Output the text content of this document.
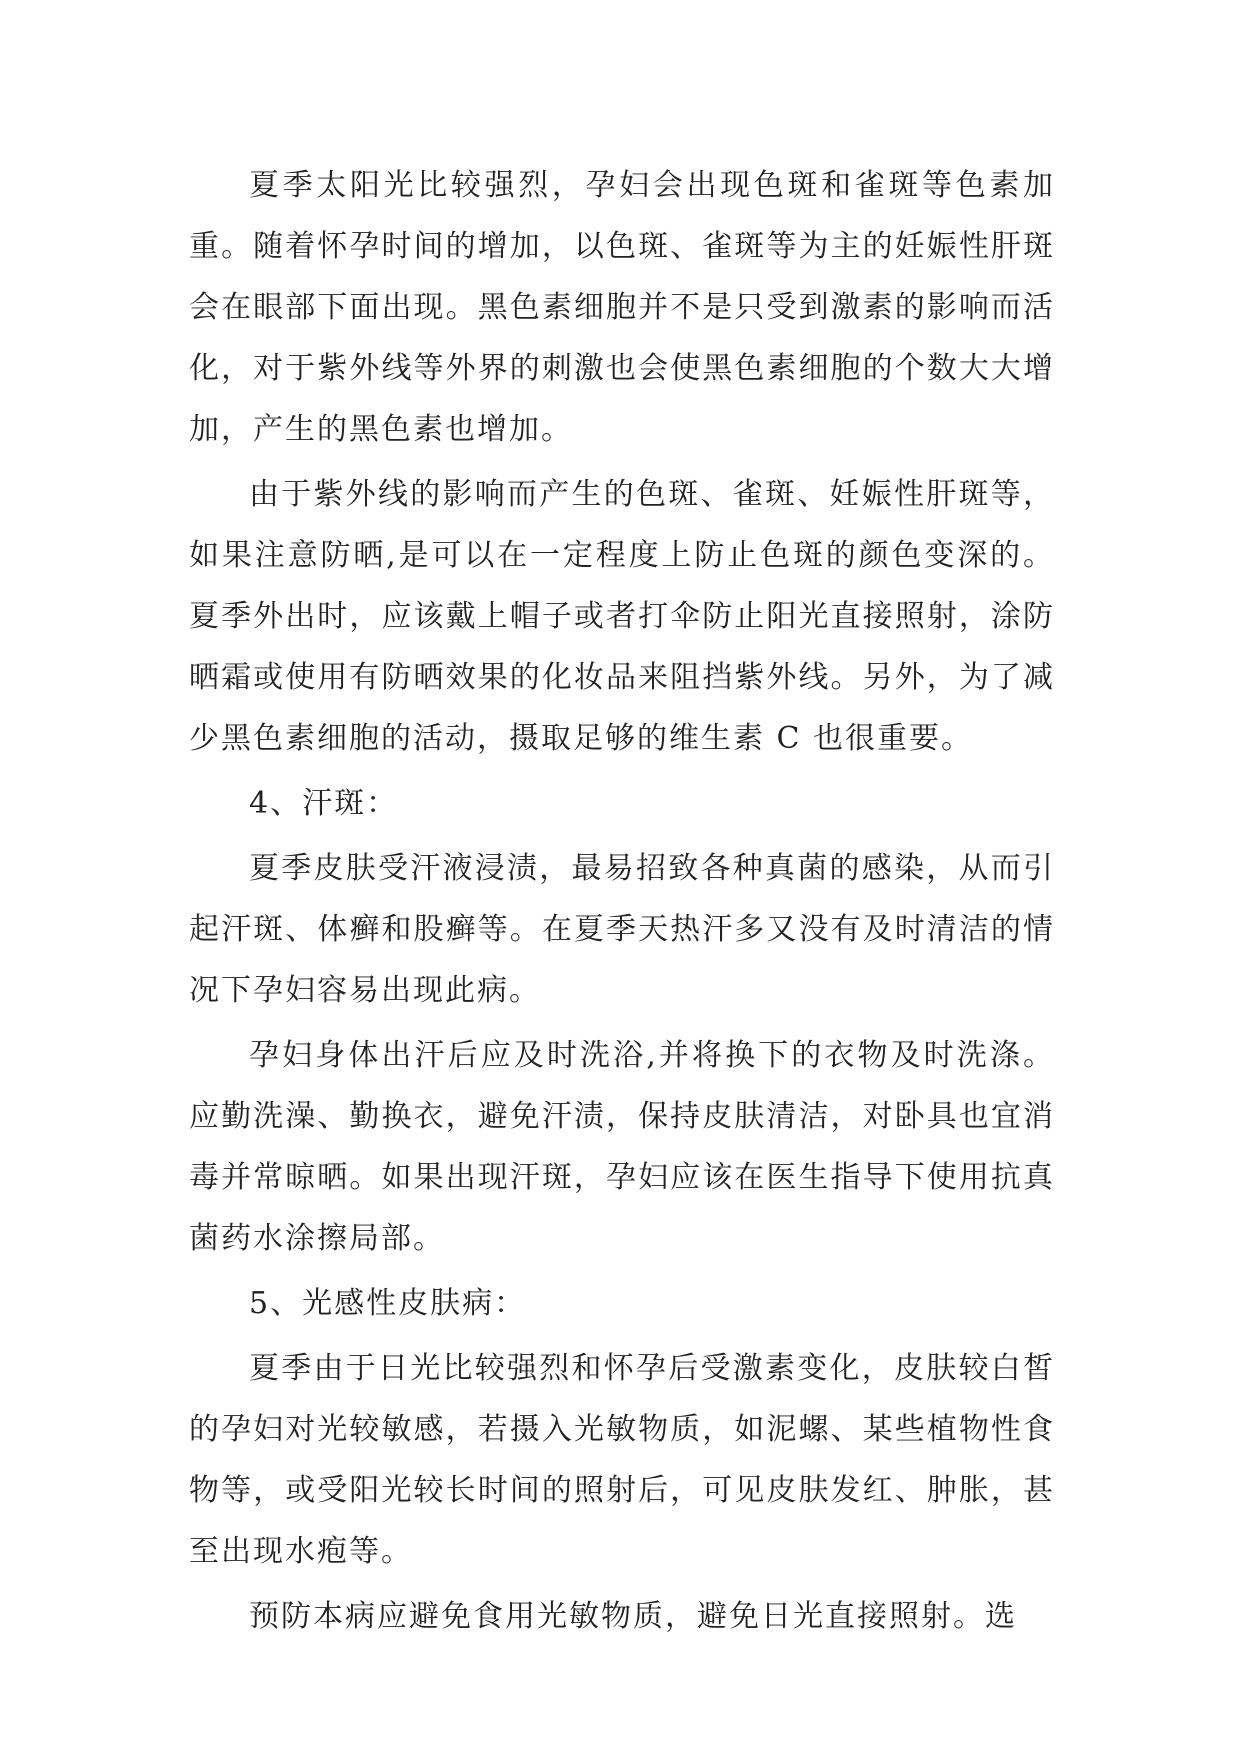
夏季太阳光比较强烈，孕妇会出现色斑和雀斑等色素加重。随着怀孕时间的增加，以色斑、雀斑等为主的妊娠性肝斑会在眼部下面出现。黑色素细胞并不是只受到激素的影响而活化，对于紫外线等外界的刺激也会使黑色素细胞的个数大大增加，产生的黑色素也增加。

由于紫外线的影响而产生的色斑、雀斑、妊娠性肝斑等，如果注意防晒,是可以在一定程度上防止色斑的颜色变深的。夏季外出时，应该戴上帽子或者打伞防止阳光直接照射，涂防晒霜或使用有防晒效果的化妆品来阻挡紫外线。另外，为了减少黑色素细胞的活动，摄取足够的维生素 C 也很重要。

4、汗斑：

夏季皮肤受汗液浸渍，最易招致各种真菌的感染，从而引起汗斑、体癣和股癣等。在夏季天热汗多又没有及时清洁的情况下孕妇容易出现此病。

孕妇身体出汗后应及时洗浴,并将换下的衣物及时洗涤。应勤洗澡、勤换衣，避免汗渍，保持皮肤清洁，对卧具也宜消毒并常晾晒。如果出现汗斑，孕妇应该在医生指导下使用抗真菌药水涂擦局部。

5、光感性皮肤病：

夏季由于日光比较强烈和怀孕后受激素变化，皮肤较白皙的孕妇对光较敏感，若摄入光敏物质，如泥螺、某些植物性食物等，或受阳光较长时间的照射后，可见皮肤发红、肿胀，甚至出现水疱等。

预防本病应避免食用光敏物质，避免日光直接照射。选
